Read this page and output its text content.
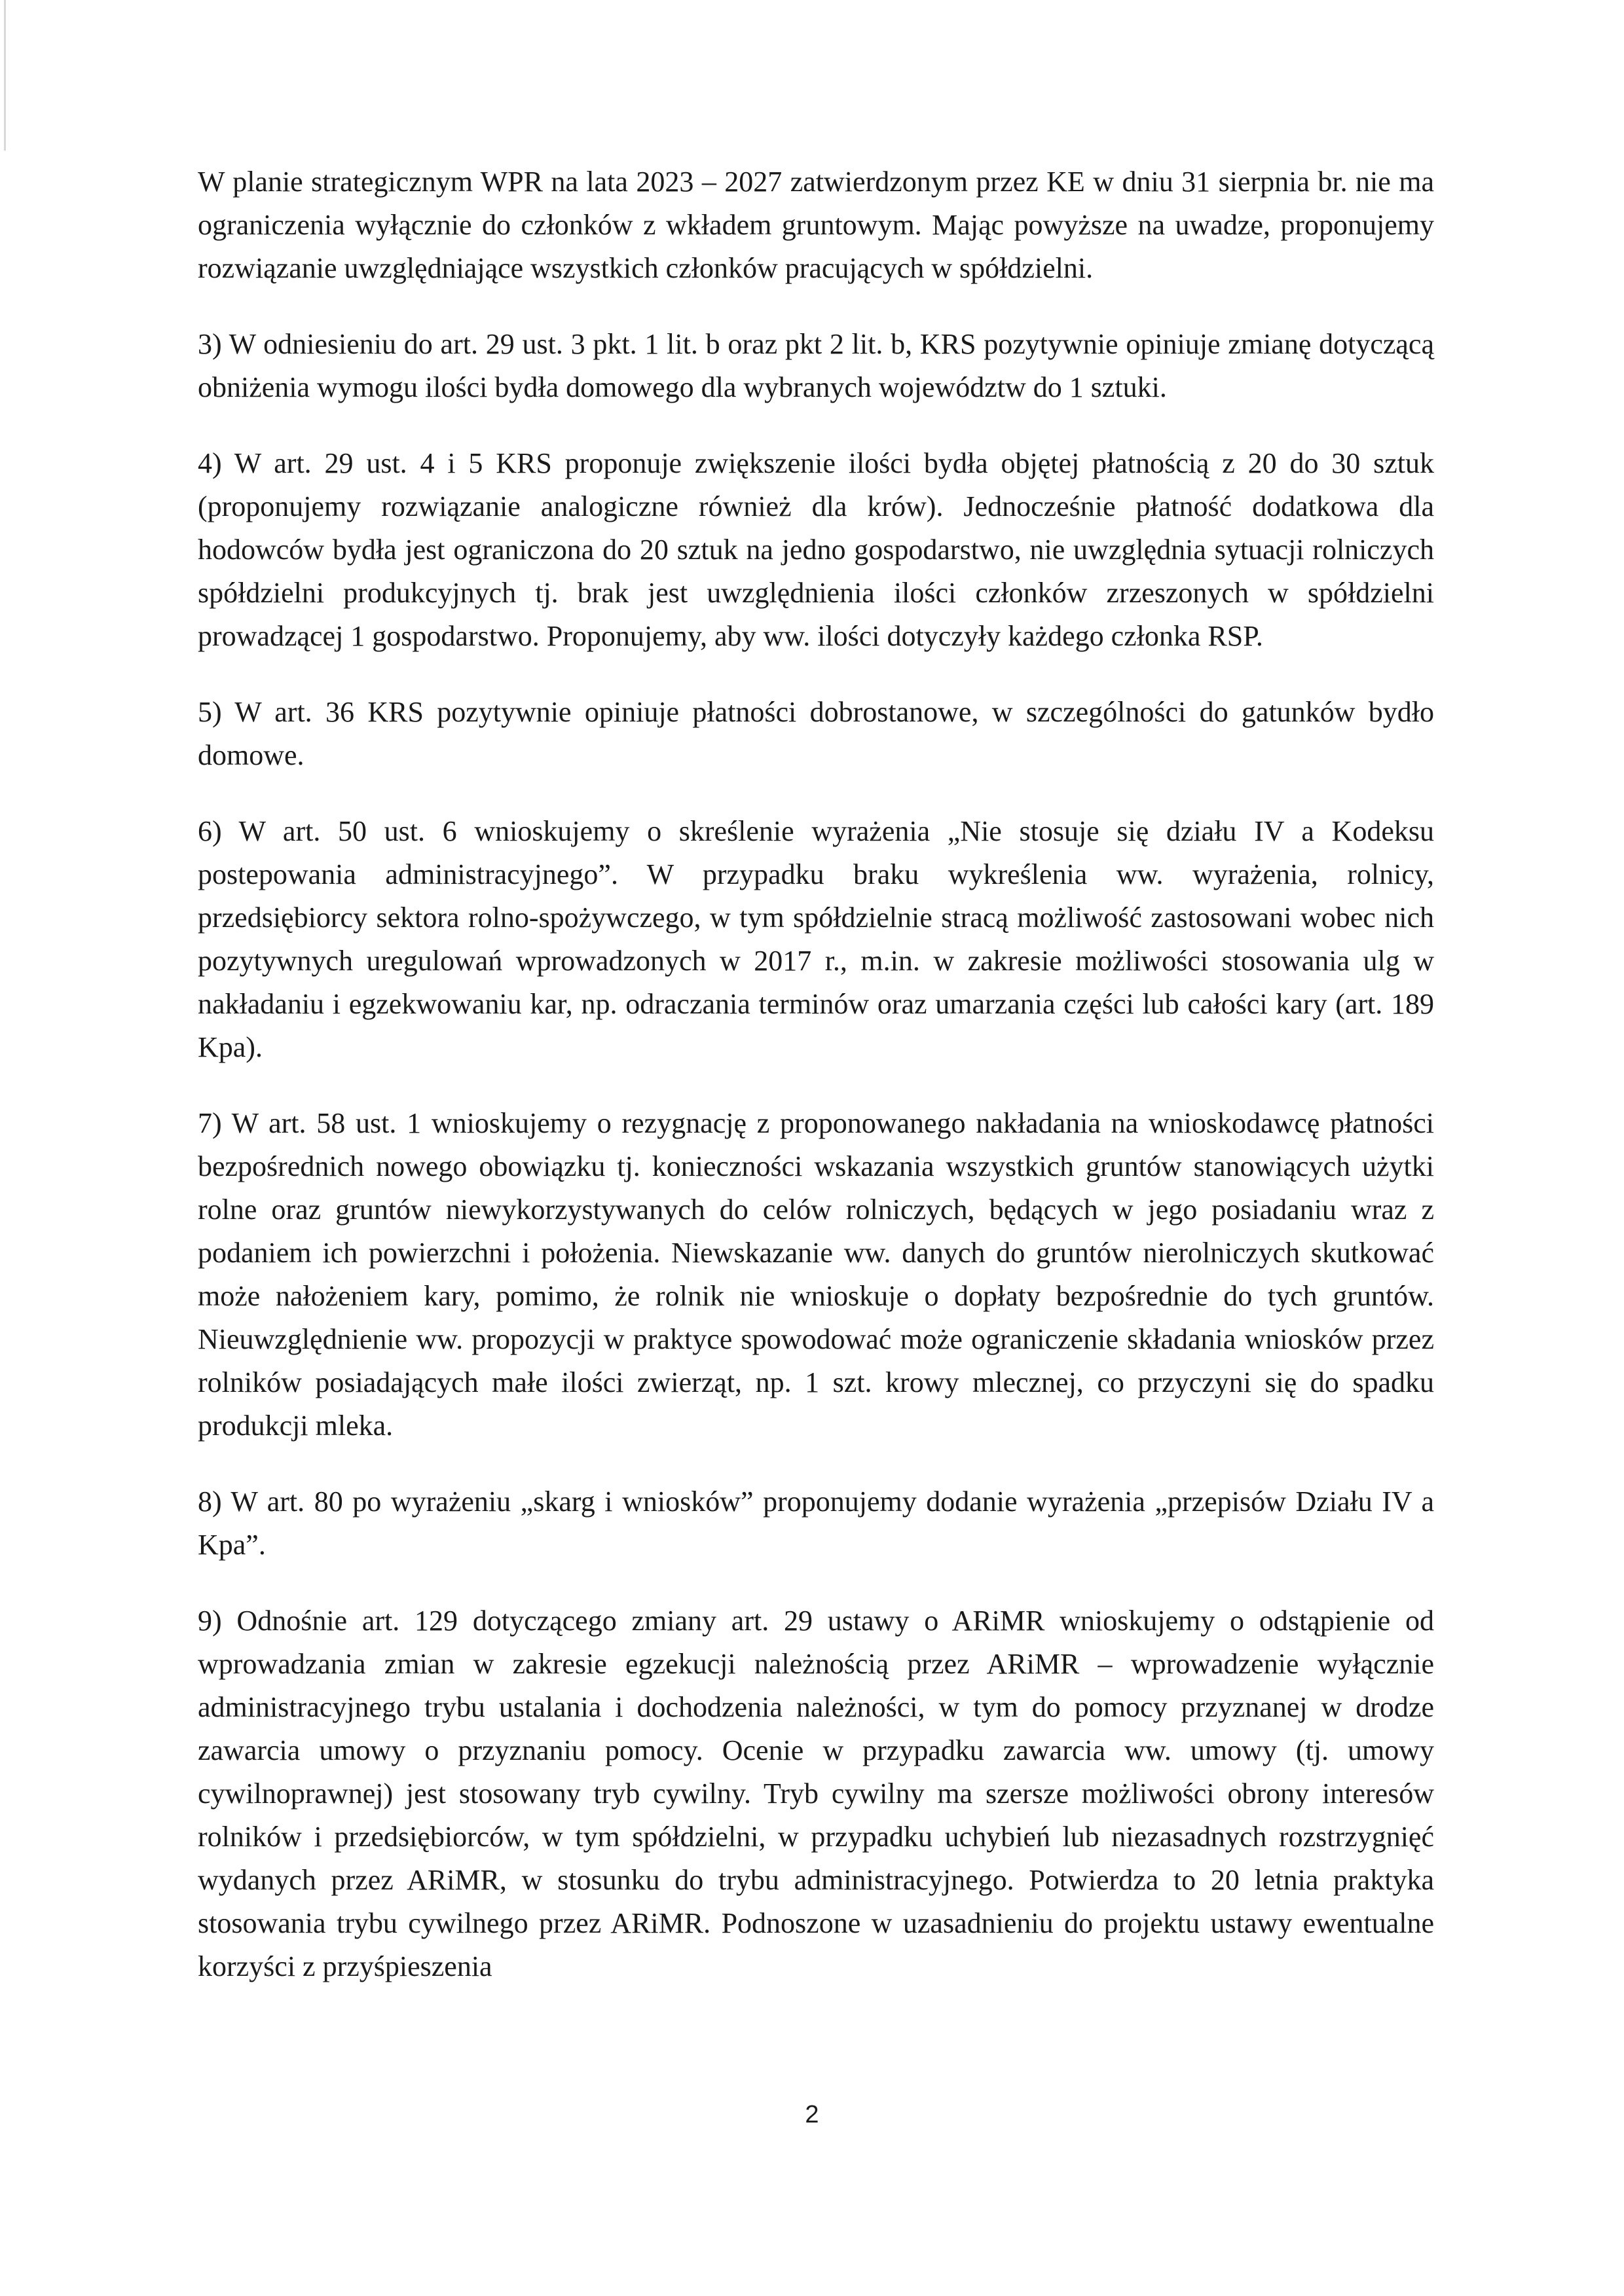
W planie strategicznym WPR na lata 2023 – 2027 zatwierdzonym przez KE w dniu 31 sierpnia br. nie ma ograniczenia wyłącznie do członków z wkładem gruntowym. Mając powyższe na uwadze, proponujemy rozwiązanie uwzględniające wszystkich członków pracujących w spółdzielni.

3) W odniesieniu do art. 29 ust. 3 pkt. 1 lit. b oraz pkt 2 lit. b, KRS pozytywnie opiniuje zmianę dotyczącą obniżenia wymogu ilości bydła domowego dla wybranych województw do 1 sztuki.

4) W art. 29 ust. 4 i 5 KRS proponuje zwiększenie ilości bydła objętej płatnością z 20 do 30 sztuk (proponujemy rozwiązanie analogiczne również dla krów). Jednocześnie płatność dodatkowa dla hodowców bydła jest ograniczona do 20 sztuk na jedno gospodarstwo, nie uwzględnia sytuacji rolniczych spółdzielni produkcyjnych tj. brak jest uwzględnienia ilości członków zrzeszonych w spółdzielni prowadzącej 1 gospodarstwo. Proponujemy, aby ww. ilości dotyczyły każdego członka RSP.

5) W art. 36 KRS pozytywnie opiniuje płatności dobrostanowe, w szczególności do gatunków bydło domowe.

6) W art. 50 ust. 6 wnioskujemy o skreślenie wyrażenia „Nie stosuje się działu IV a Kodeksu postepowania administracyjnego”. W przypadku braku wykreślenia ww. wyrażenia, rolnicy, przedsiębiorcy sektora rolno-spożywczego, w tym spółdzielnie stracą możliwość zastosowani wobec nich pozytywnych uregulowań wprowadzonych w 2017 r., m.in. w zakresie możliwości stosowania ulg w nakładaniu i egzekwowaniu kar, np. odraczania terminów oraz umarzania części lub całości kary (art. 189 Kpa).

7) W art. 58 ust. 1 wnioskujemy o rezygnację z proponowanego nakładania na wnioskodawcę płatności bezpośrednich nowego obowiązku tj. konieczności wskazania wszystkich gruntów stanowiących użytki rolne oraz gruntów niewykorzystywanych do celów rolniczych, będących w jego posiadaniu wraz z podaniem ich powierzchni i położenia. Niewskazanie ww. danych do gruntów nierolniczych skutkować może nałożeniem kary, pomimo, że rolnik nie wnioskuje o dopłaty bezpośrednie do tych gruntów. Nieuwzględnienie ww. propozycji w praktyce spowodować może ograniczenie składania wniosków przez rolników posiadających małe ilości zwierząt, np. 1 szt. krowy mlecznej, co przyczyni się do spadku produkcji mleka.

8) W art. 80 po wyrażeniu „skarg i wniosków” proponujemy dodanie wyrażenia „przepisów Działu IV a Kpa”.

9) Odnośnie art. 129 dotyczącego zmiany art. 29 ustawy o ARiMR wnioskujemy o odstąpienie od wprowadzania zmian w zakresie egzekucji należnością przez ARiMR – wprowadzenie wyłącznie administracyjnego trybu ustalania i dochodzenia należności, w tym do pomocy przyznanej w drodze zawarcia umowy o przyznaniu pomocy. Ocenie w przypadku zawarcia ww. umowy (tj. umowy cywilnoprawnej) jest stosowany tryb cywilny. Tryb cywilny ma szersze możliwości obrony interesów rolników i przedsiębiorców, w tym spółdzielni, w przypadku uchybień lub niezasadnych rozstrzygnięć wydanych przez ARiMR, w stosunku do trybu administracyjnego. Potwierdza to 20 letnia praktyka stosowania trybu cywilnego przez ARiMR. Podnoszone w uzasadnieniu do projektu ustawy ewentualne korzyści z przyśpieszenia

2
